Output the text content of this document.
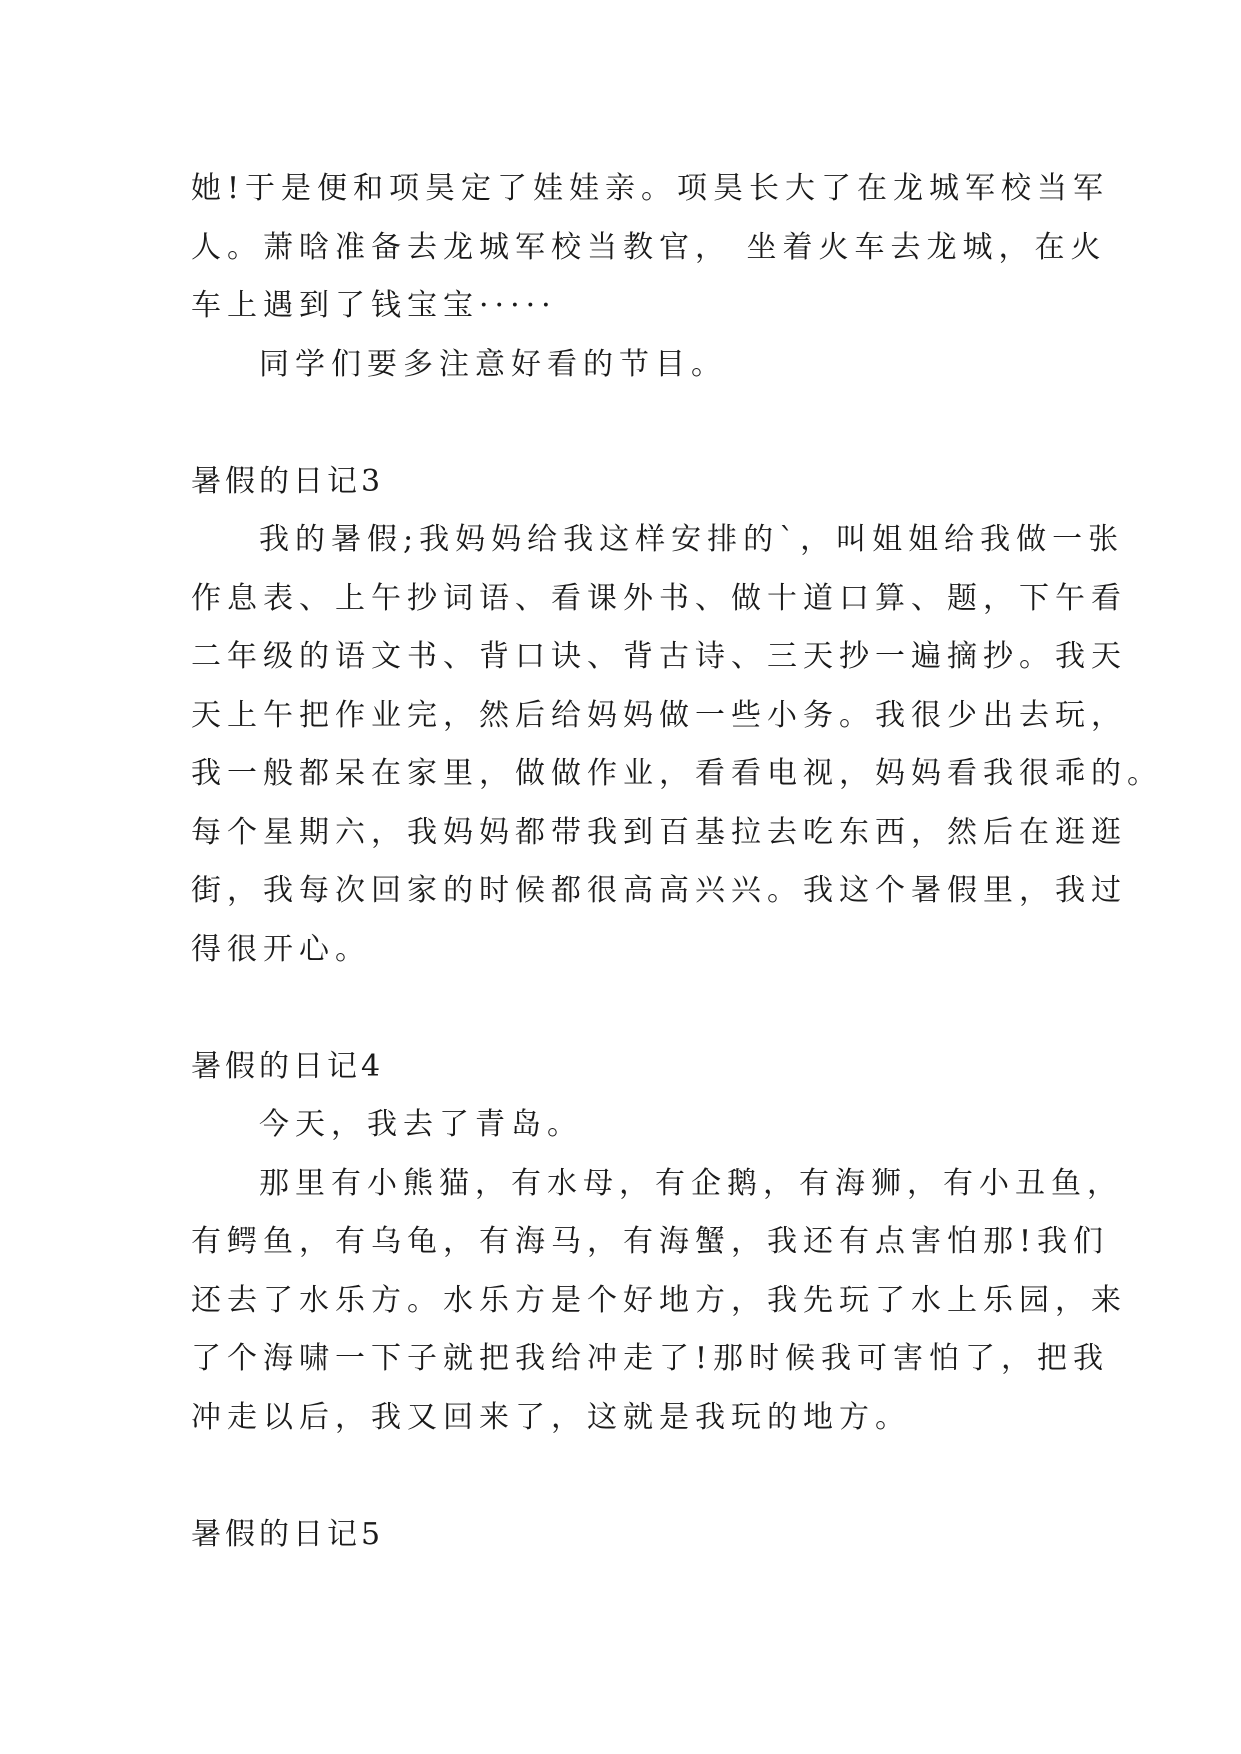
她!于是便和项昊定了娃娃亲。项昊长大了在龙城军校当军
人。萧晗准备去龙城军校当教官， 坐着火车去龙城，在火
车上遇到了钱宝宝·····
同学们要多注意好看的节目。
暑假的日记3
我的暑假;我妈妈给我这样安排的`，叫姐姐给我做一张
作息表、上午抄词语、看课外书、做十道口算、题，下午看
二年级的语文书、背口诀、背古诗、三天抄一遍摘抄。我天
天上午把作业完，然后给妈妈做一些小务。我很少出去玩，
我一般都呆在家里，做做作业，看看电视，妈妈看我很乖的。
每个星期六，我妈妈都带我到百基拉去吃东西，然后在逛逛
街，我每次回家的时候都很高高兴兴。我这个暑假里，我过
得很开心。
暑假的日记4
今天，我去了青岛。
那里有小熊猫，有水母，有企鹅，有海狮，有小丑鱼，
有鳄鱼，有乌龟，有海马，有海蟹，我还有点害怕那!我们
还去了水乐方。水乐方是个好地方，我先玩了水上乐园，来
了个海啸一下子就把我给冲走了!那时候我可害怕了，把我
冲走以后，我又回来了，这就是我玩的地方。
暑假的日记5
